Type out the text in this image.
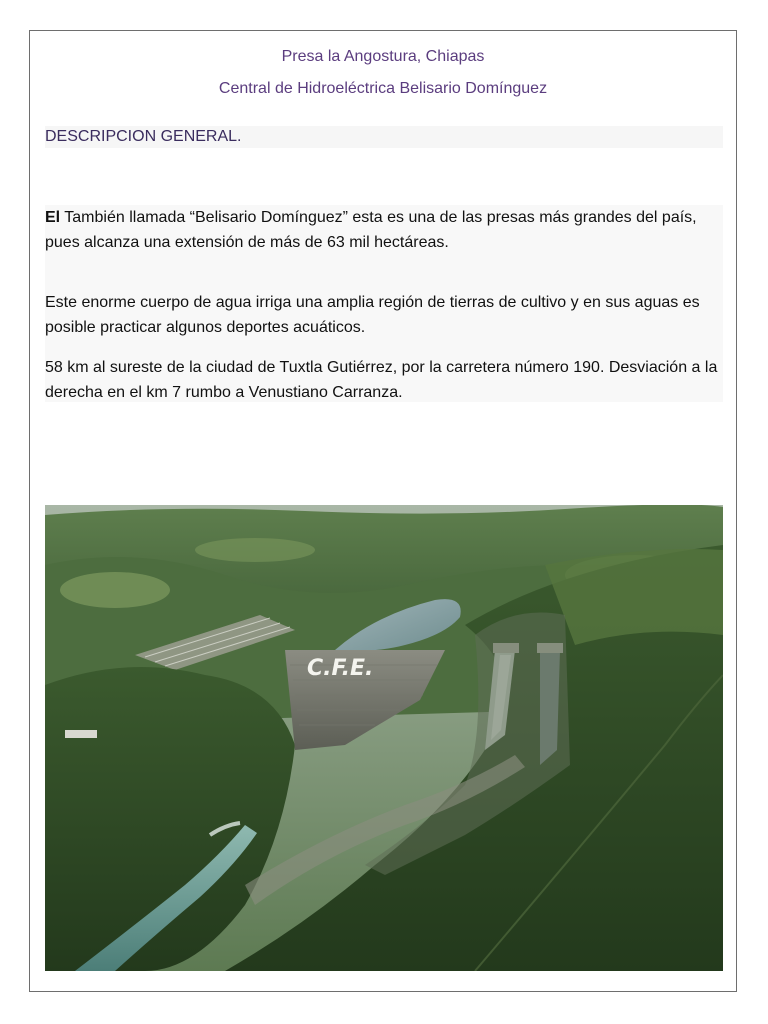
Presa la Angostura, Chiapas
Central de Hidroeléctrica Belisario Domínguez
DESCRIPCION GENERAL.
El También llamada “Belisario Domínguez” esta es una de las presas más grandes del país, pues alcanza una extensión de más de 63 mil hectáreas.
Este enorme cuerpo de agua irriga una amplia región de tierras de cultivo y en sus aguas es posible practicar algunos deportes acuáticos.
58 km al sureste de la ciudad de Tuxtla Gutiérrez, por la carretera número 190. Desviación a la derecha en el km 7 rumbo a Venustiano Carranza.
C.F.E.
